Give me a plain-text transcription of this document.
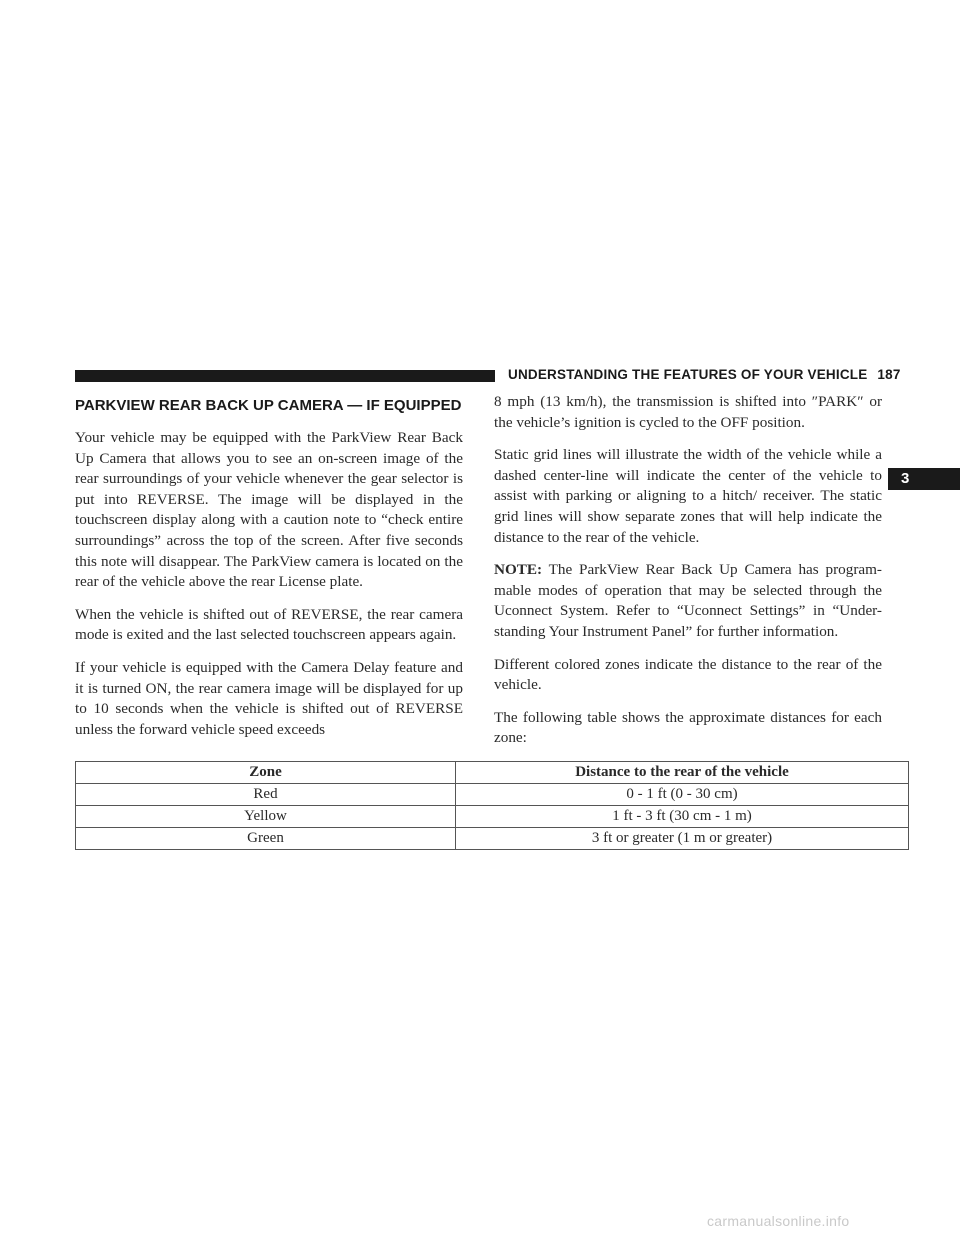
UNDERSTANDING THE FEATURES OF YOUR VEHICLE 187
3
PARKVIEW REAR BACK UP CAMERA — IF EQUIPPED

Your vehicle may be equipped with the ParkView Rear Back Up Camera that allows you to see an on-screen image of the rear surroundings of your vehicle whenever the gear selector is put into REVERSE. The image will be displayed in the touchscreen display along with a caution note to “check entire surroundings” across the top of the screen. After five seconds this note will disappear. The ParkView camera is located on the rear of the vehicle above the rear License plate.

When the vehicle is shifted out of REVERSE, the rear camera mode is exited and the last selected touchscreen appears again.

If your vehicle is equipped with the Camera Delay feature and it is turned ON, the rear camera image will be displayed for up to 10 seconds when the vehicle is shifted out of REVERSE unless the forward vehicle speed exceeds

8 mph (13 km/h), the transmission is shifted into ″PARK″ or the vehicle’s ignition is cycled to the OFF position.

Static grid lines will illustrate the width of the vehicle while a dashed center-line will indicate the center of the vehicle to assist with parking or aligning to a hitch/ receiver. The static grid lines will show separate zones that will help indicate the distance to the rear of the vehicle.

NOTE: The ParkView Rear Back Up Camera has program-mable modes of operation that may be selected through the Uconnect System. Refer to “Uconnect Settings” in “Under-standing Your Instrument Panel” for further information.

Different colored zones indicate the distance to the rear of the vehicle.

The following table shows the approximate distances for each zone:

Zone	Distance to the rear of the vehicle
Red	0 - 1 ft (0 - 30 cm)
Yellow	1 ft - 3 ft (30 cm - 1 m)
Green	3 ft or greater (1 m or greater)
carmanualsonline.info
